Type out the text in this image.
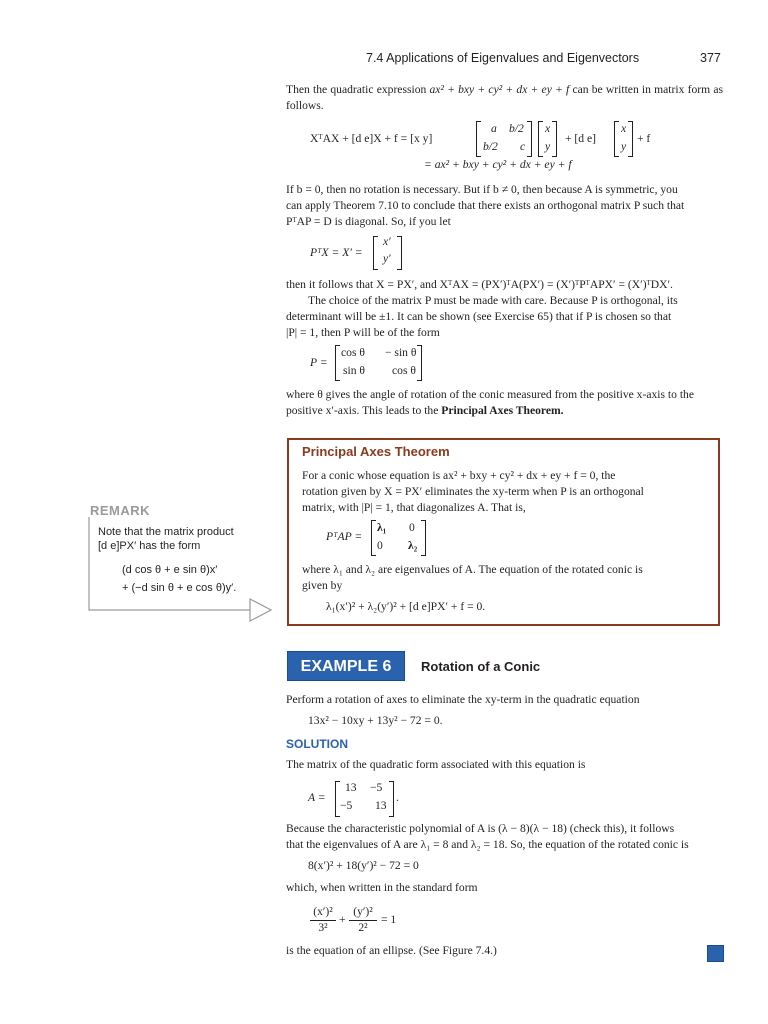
7.4 Applications of Eigenvalues and Eigenvectors	377
Then the quadratic expression ax² + bxy + cy² + dx + ey + f can be written in matrix form as follows.
XᵀAX + [d e]X + f = [x y]
a b/2
b/2 c
x
y
+ [d e]
x
y
+ f
= ax² + bxy + cy² + dx + ey + f
If b = 0, then no rotation is necessary. But if b ≠ 0, then because A is symmetric, you
can apply Theorem 7.10 to conclude that there exists an orthogonal matrix P such that
PᵀAP = D is diagonal. So, if you let
PᵀX = X′ =
x′
y′
then it follows that X = PX′, and XᵀAX = (PX′)ᵀA(PX′) = (X′)ᵀPᵀAPX′ = (X′)ᵀDX′.
The choice of the matrix P must be made with care. Because P is orthogonal, its
determinant will be ±1. It can be shown (see Exercise 65) that if P is chosen so that
|P| = 1, then P will be of the form
P =
cos θ − sin θ
sin θ cos θ
where θ gives the angle of rotation of the conic measured from the positive x-axis to the
positive x′-axis. This leads to the Principal Axes Theorem.
Principal Axes Theorem
For a conic whose equation is ax² + bxy + cy² + dx + ey + f = 0, the
rotation given by X = PX′ eliminates the xy-term when P is an orthogonal
matrix, with |P| = 1, that diagonalizes A. That is,
PᵀAP =
λ₁ 0
0 λ₂
where λ₁ and λ₂ are eigenvalues of A. The equation of the rotated conic is
given by
λ₁(x′)² + λ₂(y′)² + [d e]PX′ + f = 0.
REMARK
Note that the matrix product
[d e]PX′ has the form
(d cos θ + e sin θ)x′
+ (−d sin θ + e cos θ)y′.
EXAMPLE 6	Rotation of a Conic
Perform a rotation of axes to eliminate the xy-term in the quadratic equation
13x² − 10xy + 13y² − 72 = 0.
SOLUTION
The matrix of the quadratic form associated with this equation is
A =
13 −5
−5 13
.
Because the characteristic polynomial of A is (λ − 8)(λ − 18) (check this), it follows
that the eigenvalues of A are λ₁ = 8 and λ₂ = 18. So, the equation of the rotated conic is
8(x′)² + 18(y′)² − 72 = 0
which, when written in the standard form
(x′)²
3²
+
(y′)²
2²
= 1
is the equation of an ellipse. (See Figure 7.4.)
